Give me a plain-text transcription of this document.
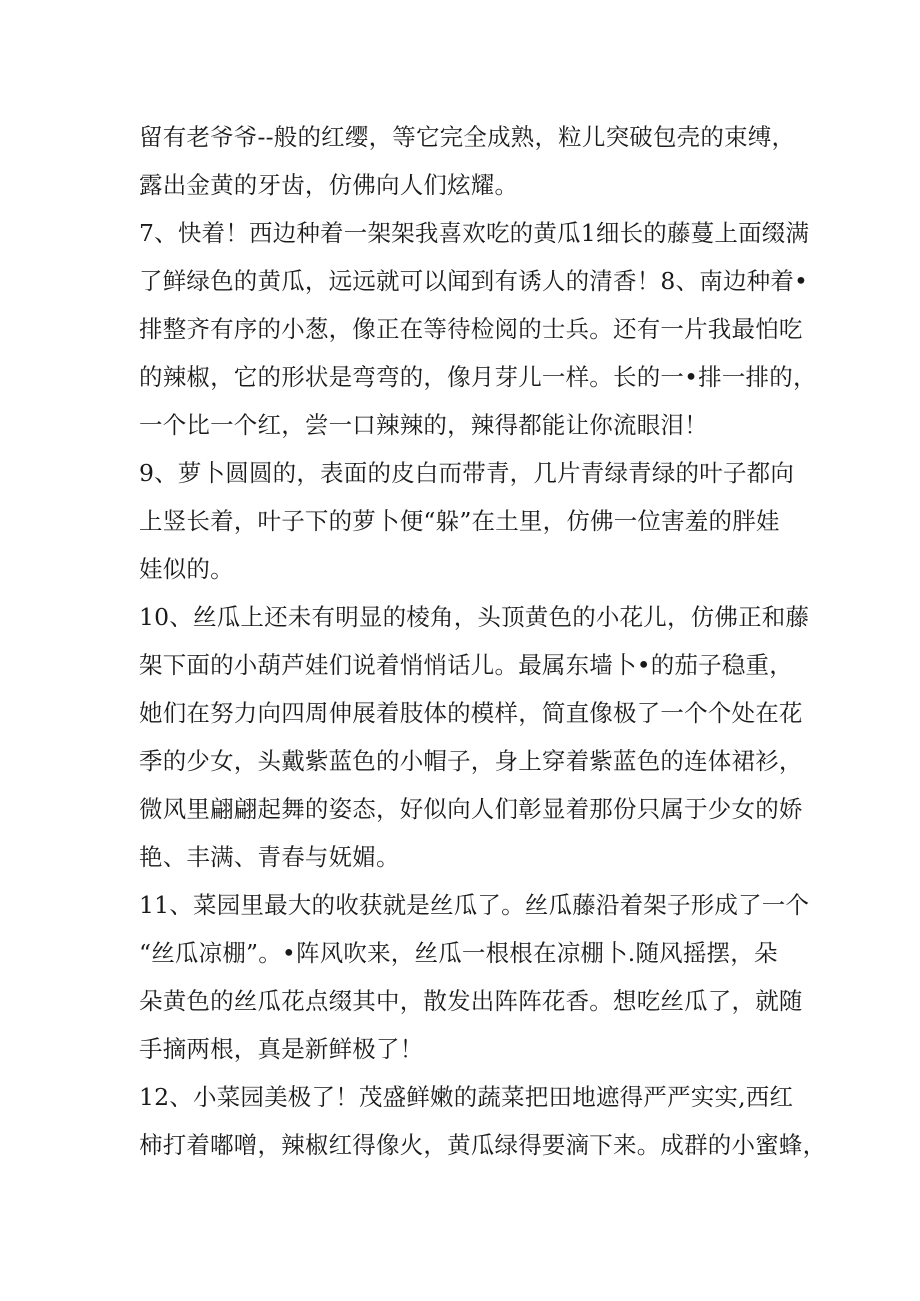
留有老爷爷--般的红缨，等它完全成熟，粒儿突破包壳的束缚，
露出金黄的牙齿，仿佛向人们炫耀。
7、快着！西边种着一架架我喜欢吃的黄瓜1细长的藤蔓上面缀满
了鲜绿色的黄瓜，远远就可以闻到有诱人的清香！8、南边种着•
排整齐有序的小葱，像正在等待检阅的士兵。还有一片我最怕吃
的辣椒，它的形状是弯弯的，像月芽儿一样。长的一•排一排的，
一个比一个红，尝一口辣辣的，辣得都能让你流眼泪！
9、萝卜圆圆的，表面的皮白而带青，几片青绿青绿的叶子都向
上竖长着，叶子下的萝卜便“躲”在土里，仿佛一位害羞的胖娃
娃似的。
10、丝瓜上还未有明显的棱角，头顶黄色的小花儿，仿佛正和藤
架下面的小葫芦娃们说着悄悄话儿。最属东墙卜•的茄子稳重，
她们在努力向四周伸展着肢体的模样，简直像极了一个个处在花
季的少女，头戴紫蓝色的小帽子，身上穿着紫蓝色的连体裙衫，
微风里翩翩起舞的姿态，好似向人们彰显着那份只属于少女的娇
艳、丰满、青春与妩媚。
11、菜园里最大的收获就是丝瓜了。丝瓜藤沿着架子形成了一个
“丝瓜凉棚”。•阵风吹来，丝瓜一根根在凉棚卜.随风摇摆，朵
朵黄色的丝瓜花点缀其中，散发出阵阵花香。想吃丝瓜了，就随
手摘两根，真是新鲜极了！
12、小菜园美极了！茂盛鲜嫩的蔬菜把田地遮得严严实实,西红
柿打着嘟噌，辣椒红得像火，黄瓜绿得要滴下来。成群的小蜜蜂，
